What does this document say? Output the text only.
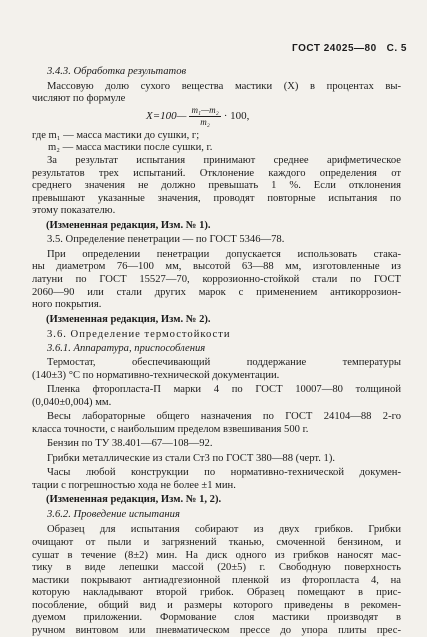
ГОСТ 24025—80 С. 5
3.4.3. Обработка результатов
Массовую долю сухого вещества мастики (X) в процентах вы-
числяют по формуле
X=100— $\frac{\text{m₁—m₂}}{\text{m₂}} \cdot 100$,
где m₁ — масса мастики до сушки, г;
m₂ — масса мастики после сушки, г.
За результат испытания принимают среднее арифметическое
результатов трех испытаний. Отклонение каждого определения от
среднего значения не должно превышать 1 %. Если отклонения
превышают указанные значения, проводят повторные испытания по
этому показателю.
(Измененная редакция, Изм. № 1).
3.5. Определение пенетрации — по ГОСТ 5346—78.
При определении пенетрации допускается использовать стака-
ны диаметром 76—100 мм, высотой 63—88 мм, изготовленные из
латуни по ГОСТ 15527—70, коррозионно-стойкой стали по ГОСТ
2060—90 или стали других марок с применением антикоррозион-
ного покрытия.
(Измененная редакция, Изм. № 2).
3.6. Определение термостойкости
3.6.1. Аппаратура, приспособления
Термостат, обеспечивающий поддержание температуры
(140±3) °С по нормативно-технической документации.
Пленка фторопласта-П марки 4 по ГОСТ 10007—80 толщиной
(0,040±0,004) мм.
Весы лабораторные общего назначения по ГОСТ 24104—88 2-го
класса точности, с наибольшим пределом взвешивания 500 г.
Бензин по ТУ 38.401—67—108—92.
Грибки металлические из стали Ст3 по ГОСТ 380—88 (черт. 1).
Часы любой конструкции по нормативно-технической докумен-
тации с погрешностью хода не более ±1 мин.
(Измененная редакция, Изм. № 1, 2).
3.6.2. Проведение испытания
Образец для испытания собирают из двух грибков. Грибки
очищают от пыли и загрязнений тканью, смоченной бензином, и
сушат в течение (8±2) мин. На диск одного из грибков наносят мас-
тику в виде лепешки массой (20±5) г. Свободную поверхность
мастики покрывают антиадгезионной пленкой из фторопласта 4, на
которую накладывают второй грибок. Образец помещают в прис-
пособление, общий вид и размеры которого приведены в рекомен-
дуемом приложении. Формование слоя мастики производят в
ручном винтовом или пневматическом прессе до упора плиты прес-
